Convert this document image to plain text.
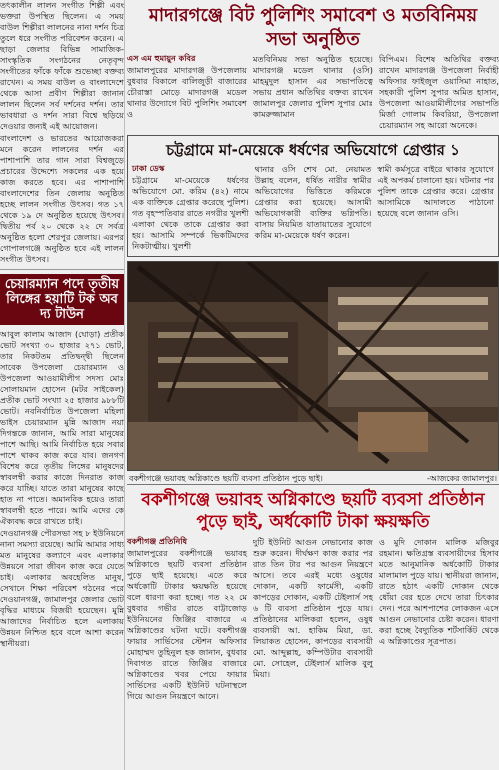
তৎকালীন লালন সংগীত শিল্পী এবং ভক্তরা উপস্থিত ছিলেন। এ সময় বাউল শিল্পীরা লালনের নানা দর্শন চিত্র তুলে ধরে সংগীত পরিবেশন করেন। এ ছাড়া জেলার বিভিন্ন সামাজিক-সাংস্কৃতিক সংগঠনের নেতৃবৃন্দ সংগীতের ফাঁকে ফাঁকে শুভেচ্ছা বক্তব্য রাখেন। এ সময় বাউল ও বাংলাদেশে থেকে আসা প্রবীণ শিল্পীরা জানান লালন ছিলেন সর্ব দর্শনের দর্শন। তার ভাবধারা ও দর্শন সারা বিশ্বে ছড়িয়ে দেওয়ার জন্যই এই আয়োজন।

বাংলাদেশ ও ভারতের আয়োজকরা মনে করেন লালনের দর্শন এর পাশাপাশি তার গান সারা বিশ্বজুড়ে প্রচারের উদ্দেশ্যে সকলের এক হয়ে কাজ করতে হবে। এর পাশাপাশি বাংলাদেশের তিন জেলায় অনুষ্ঠিত হচ্ছে লালন সংগীত উৎসব। গত ১৭ থেকে ১৯ দে অনুষ্ঠিত হয়েছে উৎসব। দ্বিতীয় পর্ব ২০ থেকে ২২ দে সর্বত্র অনুষ্ঠিত হলো শেরপুর জেলায়। এরপর গোপালগঞ্জে অনুষ্ঠিত হবে এই লালন সংগীত উৎসব।

চেয়ারম্যান পদে তৃতীয় লিঙ্গের হয়াটি টক অব দ্য টাউন

আবুল কালাম আজাদ (ঘোড়া) প্রতীক ভোট সংখ্যা ৩০ হাজার ২৭১ ভোট, তার নিকটতম প্রতিদ্বন্দ্বী ছিলেন সাবেক উপজেলা চেয়ারম্যান ও উপজেলা আওয়ামীলীগ সদস্য মোঃ সোলায়মান হোসেন (মটর সাইকেল) প্রতীক ভোট সংখ্যা ২৫ হাজার ৯৮৮টি ভোট। নবনির্বাচিত উপজেলা মহিলা ভাইস চেয়ারম্যান মুন্নি আজাদ নয়া দিগন্তকে জানান, আমি সারা মানুষের পাশে আছি। আমি নির্বাচিত হয়ে সবার পাশে থাকব কাজ করে যাব। জনগণ বিশেষ করে তৃতীয় লিঙ্গের মানুষদের স্বাবলম্বী করার কাজে দিনরাত কাজ করে যাচ্ছি। যাতে তারা মানুষের কাছে হাত না পাতে। অমানবিক হয়েও তারা স্বাবলম্বী হতে পারে। আমি এদের কে ঐক্যবদ্ধ করে রাখতে চাই।

দেওয়ানগঞ্জ পৌরসভা সহ ৮ ইউনিয়নে নানা সমস্যা রয়েছে। আমি আমার সাধ্য মত মানুষের কল্যাণে এবং এলাকার উন্নয়নে সারা জীবন কাজ করে যেতে চাই। এলাকার অবহেলিত মানুষ, সেখানে শিক্ষা পরিবেশ গঠনের পরে দেওয়ানগঞ্জ, জামালপুর জেলার ভোট বৃদ্ধির মাধ্যমে বিজয়ী হয়েছেন। মুন্নি আজাদের নির্বাচিত হলে এলাকায় উন্নয়ন নিশ্চিত হবে বলে আশা করেন স্থানীয়রা।

মাদারগঞ্জে বিট পুলিশিং সমাবেশ ও মতবিনিময় সভা অনুষ্ঠিত
এস এম হুমায়ুন কবির
জামালপুরের মাদারগঞ্জ উপজেলায় বুধবার বিকালে বালিজুড়ী বাজারের চৌরাস্তা মোড়ে মাদারগঞ্জ মডেল থানার উদ্যোগে বিট পুলিশিং সমাবেশ ও
মতবিনিময় সভা অনুষ্ঠিত হয়েছে। মাদারগঞ্জ মডেল থানার (ওসি) মাহমুদুল হাসান এর সভাপতিত্বে সভায় প্রধান অতিথির বক্তব্য রাখেন জামালপুর জেলার পুলিশ সুপার মোঃ কামরুজ্জামান
বিপিএম। বিশেষ অতিথির বক্তব্য রাখেন মাদারগঞ্জ উপজেলা নির্বাহী অফিসার ফাইজুল ওয়াসিমা নাহাত, সহকারী পুলিশ সুপার অমিত হাসান, উপজেলা আওয়ামীলীগের সভাপতি মির্জা গোলাম কিবরিয়া, উপজেলা চেয়ারম্যান সহ আরো অনেকে।
চট্টগ্রামে মা-মেয়েকে ধর্ষণের অভিযোগে গ্রেপ্তার ১
ঢাকা ডেস্ক
চট্টগ্রামে মা-মেয়েকে ধর্ষণের অভিযোগে মো. করিম (৪২) নামে এক ব্যক্তিকে গ্রেপ্তার করেছে পুলিশ। গত বৃহস্পতিবার রাতে নগরীর খুলশী এলাকা থেকে তাকে গ্রেপ্তার করা হয়। আসামি সম্পর্কে ভিকটিমদের নিকটাত্মীয়। খুলশী
থানার ওসি শেখ মো. নেয়ামত উল্লাহ বলেন, ধর্ষিত নারীর স্বামীর অভিযোগের ভিত্তিতে করিমকে গ্রেপ্তার করা হয়েছে। আসামী অভিযোগকারী ব্যক্তির ভগ্নিপতি। বাসায় নিয়মিত যাতায়াতের সুযোগে করিম মা-মেয়েকে ধর্ষণ করেন।
স্বামী কর্মসূত্রে বাইরে থাকার সুযোগে এই অপকর্ম চালানো হয়। ঘটনার পর পুলিশ তাকে গ্রেপ্তার করে। গ্রেপ্তার আসামিকে আদালতে পাঠানো হয়েছে বলে জানান ওসি।
বকশীগঞ্জে ভয়াবহ অগ্নিকাণ্ডে ছয়টি ব্যবসা প্রতিষ্ঠান পুড়ে ছাই।	-আজকের জামালপুর।
বকশীগঞ্জে ভয়াবহ অগ্নিকাণ্ডে ছয়টি ব্যবসা প্রতিষ্ঠান পুড়ে ছাই, অর্ধকোটি টাকা ক্ষয়ক্ষতি
বকশীগঞ্জ প্রতিনিধি
জামালপুরের বকশীগঞ্জে ভয়াবহ অগ্নিকাণ্ডে ছয়টি ব্যবসা প্রতিষ্ঠান পুড়ে ছাই হয়েছে। এতে করে অর্ধকোটি টাকার ক্ষয়ক্ষতি হয়েছে বলে ধারণা করা হচ্ছে। গত ২২ মে বুধবার গভীর রাতে বাট্টাজোড় ইউনিয়নের জিঞ্জির বাজারে এ অগ্নিকাণ্ডের ঘটনা ঘটে। বকশীগঞ্জ ফায়ার সার্ভিসের স্টেশন অফিসার মোহাম্মদ তুহিনুল হক জানান, বুধবার দিবাগত রাতে জিঞ্জির বাজারে অগ্নিকাণ্ডের খবর পেয়ে ফায়ার সার্ভিসের একটি ইউনিট ঘটনাস্থলে গিয়ে আগুন নিয়ন্ত্রণে আনে।
দুটি ইউনিট আগুন নেভানোর কাজ শুরু করেন। দীর্ঘক্ষণ কাজ করার পর রাত তিন টার পর আগুন নিয়ন্ত্রণে আসে। তবে এরই মধ্যে ওষুধের দোকান, একটি ফার্মেসী, একটি কাপড়ের দোকান, একটি টেইলার্স সহ ৬ টি ব্যবসা প্রতিষ্ঠান পুড়ে যায়। প্রতিষ্ঠানের মালিকরা হলেন, ওষুধ ব্যবসায়ী আ. হাকিম মিয়া, ডা. লিয়াকত হোসেন, কাপড়ের ব্যবসায়ী মো. আব্দুল্লাহ, কম্পিউটার ব্যবসায়ী মো. সোহেল, টেইলার্স মালিক বুলু মিয়া।
ও মুদি দোকান মালিক মজিবুর রহমান। ক্ষতিগ্রস্ত ব্যবসায়ীদের হিসাব মতে আনুমানিক অর্ধকোটি টাকার মালামাল পুড়ে যায়। স্থানীয়রা জানান, রাতে হঠাৎ একটি দোকান থেকে ধোঁয়া বের হতে দেখে তারা চিৎকার দেন। পরে আশপাশের লোকজন এসে আগুন নেভানোর চেষ্টা করেন। ধারণা করা হচ্ছে বৈদ্যুতিক শর্টসার্কিট থেকে এ অগ্নিকাণ্ডের সূত্রপাত।
